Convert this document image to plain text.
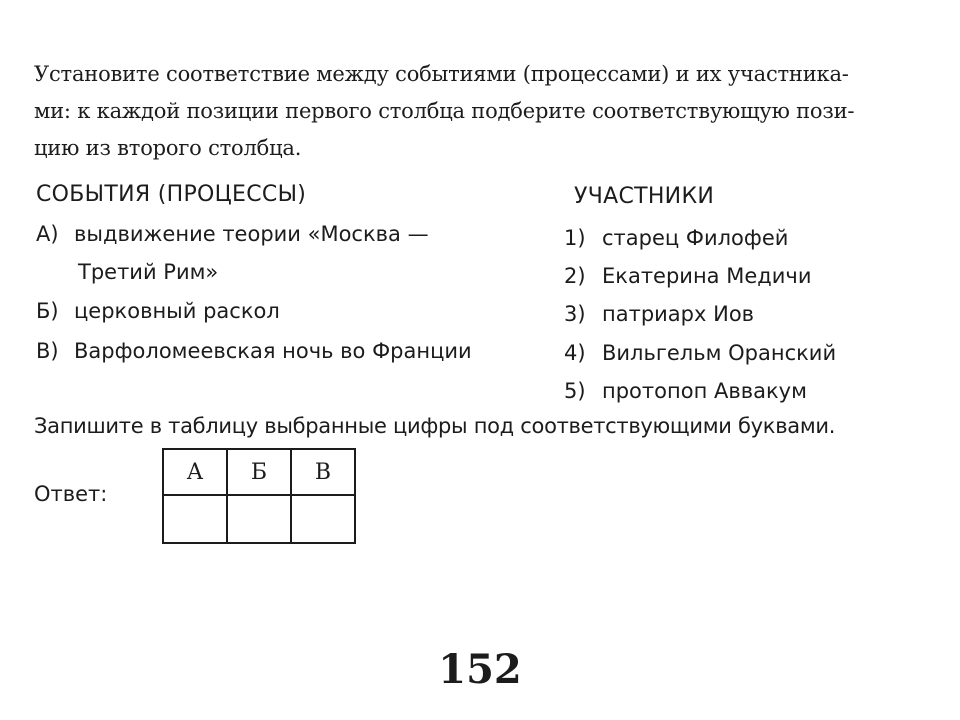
Установите соответствие между событиями (процессами) и их участника-
ми: к каждой позиции первого столбца подберите соответствующую пози-
цию из второго столбца.
СОБЫТИЯ (ПРОЦЕССЫ)	УЧАСТНИКИ
А) выдвижение теории «Москва —
Третий Рим»
Б) церковный раскол
В) Варфоломеевская ночь во Франции
1) старец Филофей
2) Екатерина Медичи
3) патриарх Иов
4) Вильгельм Оранский
5) протопоп Аввакум
Запишите в таблицу выбранные цифры под соответствующими буквами.
Ответ:
А	Б	В

152
